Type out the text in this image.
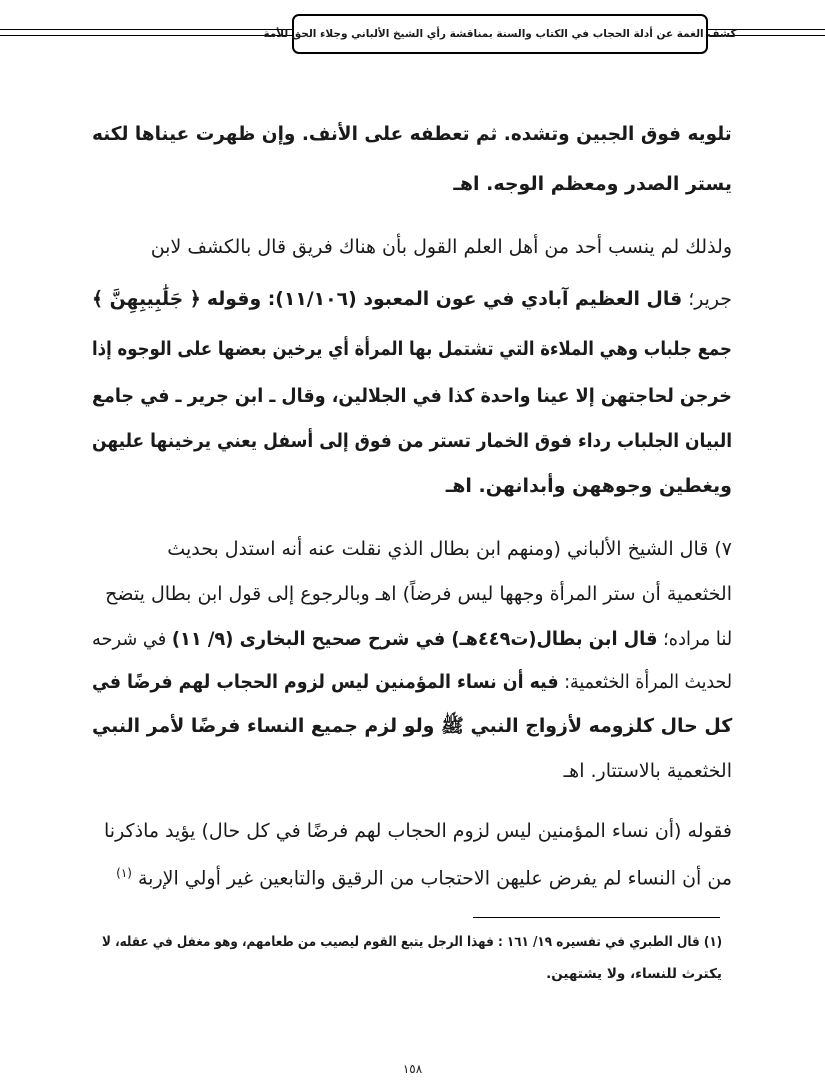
كشف الغمة عن أدلة الحجاب في الكتاب والسنة بمناقشة رأي الشيخ الألباني وجلاء الحق للأمة
تلويه فوق الجبين وتشده. ثم تعطفه على الأنف. وإن ظهرت عيناها لكنه
يستر الصدر ومعظم الوجه. اهـ
ولذلك لم ينسب أحد من أهل العلم القول بأن هناك فريق قال بالكشف لابن
جرير؛ قال العظيم آبادي في عون المعبود (١١/١٠٦): وقوله ﴿ جَلَٰبِيبِهِنَّ ﴾
جمع جلباب وهي الملاءة التي تشتمل بها المرأة أي يرخين بعضها على الوجوه إذا
خرجن لحاجتهن إلا عينا واحدة كذا في الجلالين، وقال ـ ابن جرير ـ في جامع
البيان الجلباب رداء فوق الخمار تستر من فوق إلى أسفل يعني يرخينها عليهن
ويغطين وجوههن وأبدانهن. اهـ
٧) قال الشيخ الألباني (ومنهم ابن بطال الذي نقلت عنه أنه استدل بحديث
الخثعمية أن ستر المرأة وجهها ليس فرضاً) اهـ وبالرجوع إلى قول ابن بطال يتضح
لنا مراده؛ قال ابن بطال(ت٤٤٩هـ) في شرح صحيح البخارى (٩/ ١١) في شرحه
لحديث المرأة الخثعمية: فيه أن نساء المؤمنين ليس لزوم الحجاب لهم فرضًا في
كل حال كلزومه لأزواج النبي ﷺ ولو لزم جميع النساء فرضًا لأمر النبي
الخثعمية بالاستتار. اهـ
فقوله (أن نساء المؤمنين ليس لزوم الحجاب لهم فرضًا في كل حال) يؤيد ماذكرنا
من أن النساء لم يفرض عليهن الاحتجاب من الرقيق والتابعين غير أولي الإربة $^{(١)}$
(١) قال الطبري في تفسيره ١٩/ ١٦١ : فهذا الرجل يتبع القوم ليصيب من طعامهم، وهو مغفل في عقله، لا
يكترث للنساء، ولا يشتهين.
١٥٨
